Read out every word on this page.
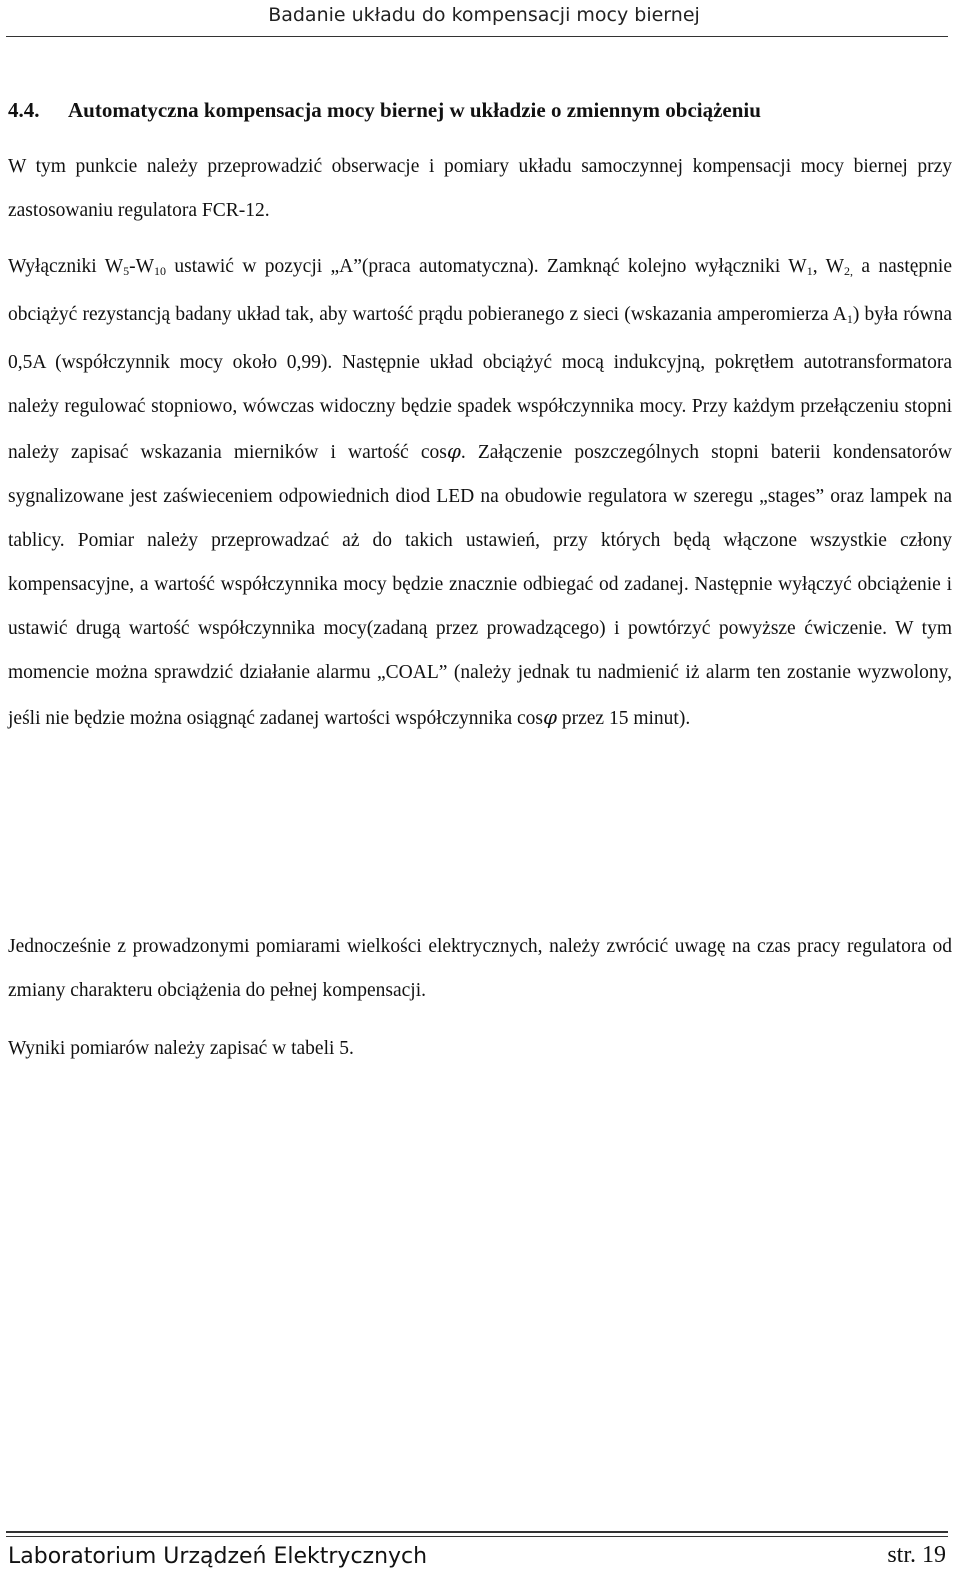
Badanie układu do kompensacji mocy biernej
4.4. Automatyczna kompensacja mocy biernej w układzie o zmiennym obciążeniu

W tym punkcie należy przeprowadzić obserwacje i pomiary układu samoczynnej kompensacji mocy biernej przy zastosowaniu regulatora FCR-12.

Wyłączniki $W_5-W_{10}$ ustawić w pozycji „A”(praca automatyczna). Zamknąć kolejno wyłączniki $W_1$, $W_{2,}$ a następnie obciążyć rezystancją badany układ tak, aby wartość prądu pobieranego z sieci (wskazania amperomierza $A_1$) była równa 0,5A (współczynnik mocy około 0,99). Następnie układ obciążyć mocą indukcyjną, pokrętłem autotransformatora należy regulować stopniowo, wówczas widoczny będzie spadek współczynnika mocy. Przy każdym przełączeniu stopni należy zapisać wskazania mierników i wartość cosφ. Załączenie poszczególnych stopni baterii kondensatorów sygnalizowane jest zaświeceniem odpowiednich diod LED na obudowie regulatora w szeregu „stages” oraz lampek na tablicy. Pomiar należy przeprowadzać aż do takich ustawień, przy których będą włączone wszystkie człony kompensacyjne, a wartość współczynnika mocy będzie znacznie odbiegać od zadanej. Następnie wyłączyć obciążenie i ustawić drugą wartość współczynnika mocy(zadaną przez prowadzącego) i powtórzyć powyższe ćwiczenie. W tym momencie można sprawdzić działanie alarmu „COAL” (należy jednak tu nadmienić iż alarm ten zostanie wyzwolony, jeśli nie będzie można osiągnąć zadanej wartości współczynnika cosφ przez 15 minut).

Jednocześnie z prowadzonymi pomiarami wielkości elektrycznych, należy zwrócić uwagę na czas pracy regulatora od zmiany charakteru obciążenia do pełnej kompensacji.

Wyniki pomiarów należy zapisać w tabeli 5.

Laboratorium Urządzeń Elektrycznych	str. 19
